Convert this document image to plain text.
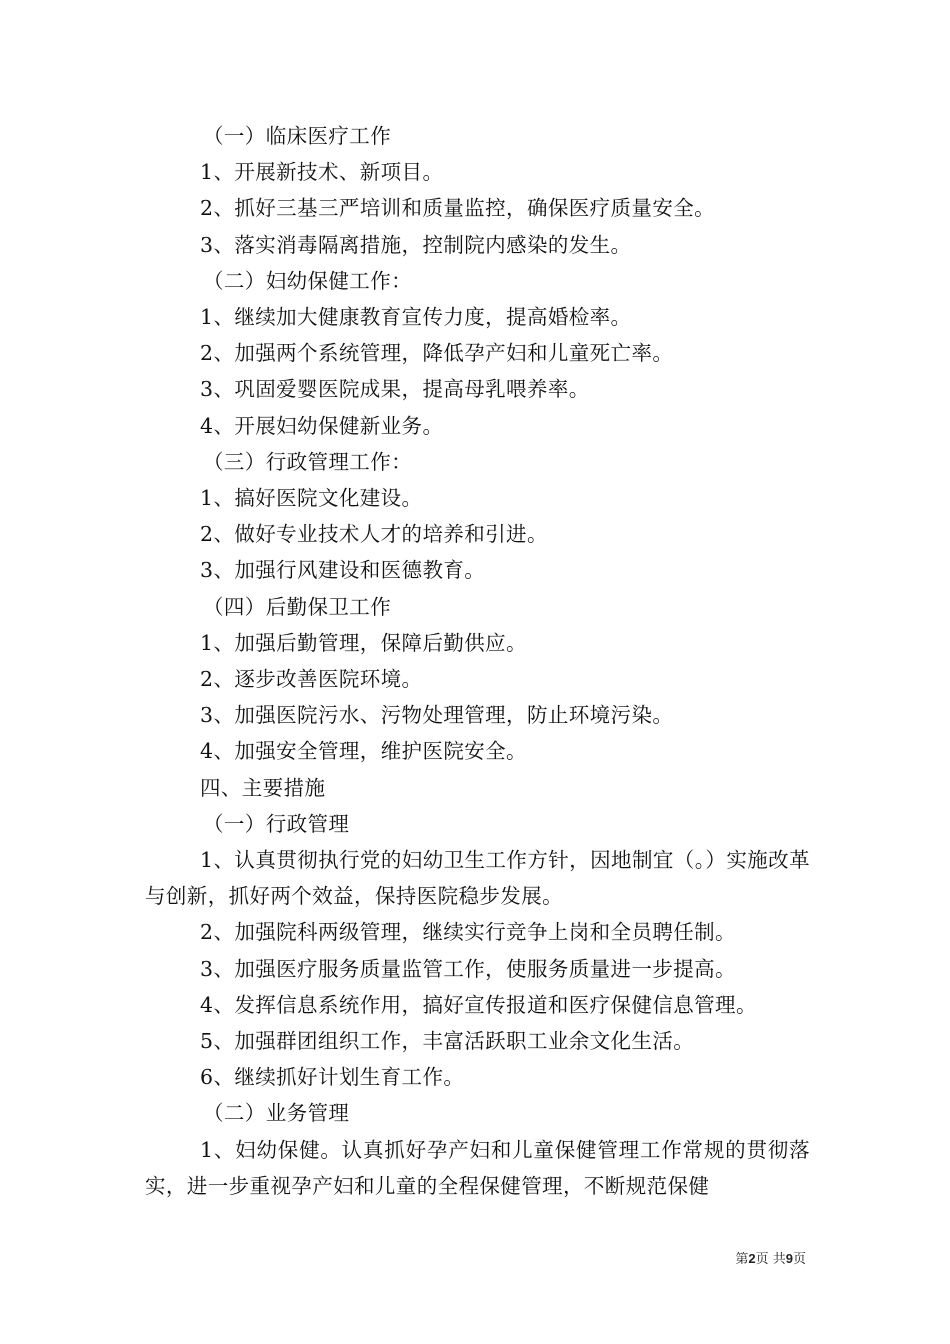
（一）临床医疗工作
1、开展新技术、新项目。
2、抓好三基三严培训和质量监控，确保医疗质量安全。
3、落实消毒隔离措施，控制院内感染的发生。
（二）妇幼保健工作：
1、继续加大健康教育宣传力度，提高婚检率。
2、加强两个系统管理，降低孕产妇和儿童死亡率。
3、巩固爱婴医院成果，提高母乳喂养率。
4、开展妇幼保健新业务。
（三）行政管理工作：
1、搞好医院文化建设。
2、做好专业技术人才的培养和引进。
3、加强行风建设和医德教育。
（四）后勤保卫工作
1、加强后勤管理，保障后勤供应。
2、逐步改善医院环境。
3、加强医院污水、污物处理管理，防止环境污染。
4、加强安全管理，维护医院安全。
四、主要措施
（一）行政管理
1、认真贯彻执行党的妇幼卫生工作方针，因地制宜（。）实施改革与创新，抓好两个效益，保持医院稳步发展。
2、加强院科两级管理，继续实行竞争上岗和全员聘任制。
3、加强医疗服务质量监管工作，使服务质量进一步提高。
4、发挥信息系统作用，搞好宣传报道和医疗保健信息管理。
5、加强群团组织工作，丰富活跃职工业余文化生活。
6、继续抓好计划生育工作。
（二）业务管理
1、妇幼保健。认真抓好孕产妇和儿童保健管理工作常规的贯彻落实，进一步重视孕产妇和儿童的全程保健管理，不断规范保健
第2页 共9页
